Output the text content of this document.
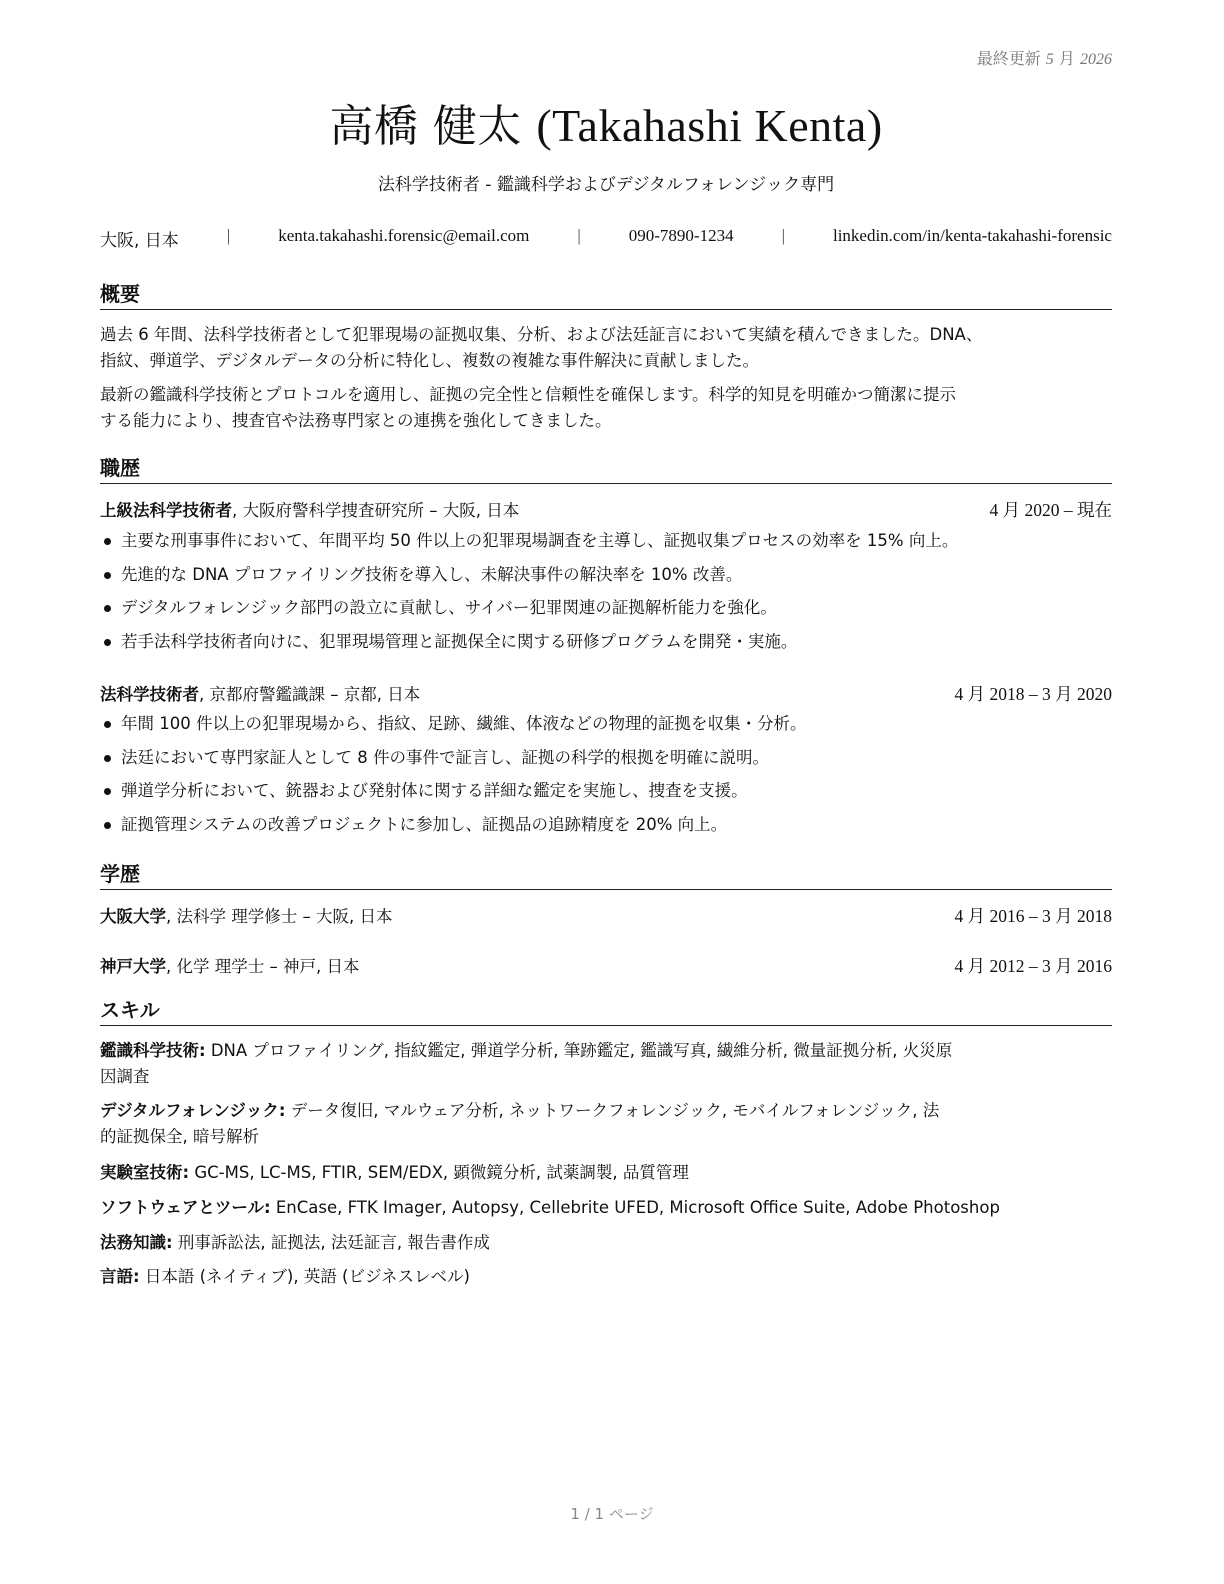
最終更新 5 月 2026
高橋 健太 (Takahashi Kenta)
法科学技術者 - 鑑識科学およびデジタルフォレンジック専門
大阪, 日本	|	kenta.takahashi.forensic@email.com	|	090-7890-1234	|	linkedin.com/in/kenta-takahashi-forensic
概要
過去 6 年間、法科学技術者として犯罪現場の証拠収集、分析、および法廷証言において実績を積んできました。DNA、
指紋、弾道学、デジタルデータの分析に特化し、複数の複雑な事件解決に貢献しました。
最新の鑑識科学技術とプロトコルを適用し、証拠の完全性と信頼性を確保します。科学的知見を明確かつ簡潔に提示
する能力により、捜査官や法務専門家との連携を強化してきました。
職歴
上級法科学技術者, 大阪府警科学捜査研究所 – 大阪, 日本	4 月 2020 – 現在
主要な刑事事件において、年間平均 50 件以上の犯罪現場調査を主導し、証拠収集プロセスの効率を 15% 向上。
先進的な DNA プロファイリング技術を導入し、未解決事件の解決率を 10% 改善。
デジタルフォレンジック部門の設立に貢献し、サイバー犯罪関連の証拠解析能力を強化。
若手法科学技術者向けに、犯罪現場管理と証拠保全に関する研修プログラムを開発・実施。
法科学技術者, 京都府警鑑識課 – 京都, 日本	4 月 2018 – 3 月 2020
年間 100 件以上の犯罪現場から、指紋、足跡、繊維、体液などの物理的証拠を収集・分析。
法廷において専門家証人として 8 件の事件で証言し、証拠の科学的根拠を明確に説明。
弾道学分析において、銃器および発射体に関する詳細な鑑定を実施し、捜査を支援。
証拠管理システムの改善プロジェクトに参加し、証拠品の追跡精度を 20% 向上。
学歴
大阪大学, 法科学 理学修士 – 大阪, 日本	4 月 2016 – 3 月 2018
神戸大学, 化学 理学士 – 神戸, 日本	4 月 2012 – 3 月 2016
スキル
鑑識科学技術: DNA プロファイリング, 指紋鑑定, 弾道学分析, 筆跡鑑定, 鑑識写真, 繊維分析, 微量証拠分析, 火災原
因調査
デジタルフォレンジック: データ復旧, マルウェア分析, ネットワークフォレンジック, モバイルフォレンジック, 法
的証拠保全, 暗号解析
実験室技術: GC-MS, LC-MS, FTIR, SEM/EDX, 顕微鏡分析, 試薬調製, 品質管理
ソフトウェアとツール: EnCase, FTK Imager, Autopsy, Cellebrite UFED, Microsoft Office Suite, Adobe Photoshop
法務知識: 刑事訴訟法, 証拠法, 法廷証言, 報告書作成
言語: 日本語 (ネイティブ), 英語 (ビジネスレベル)
1 / 1 ページ
